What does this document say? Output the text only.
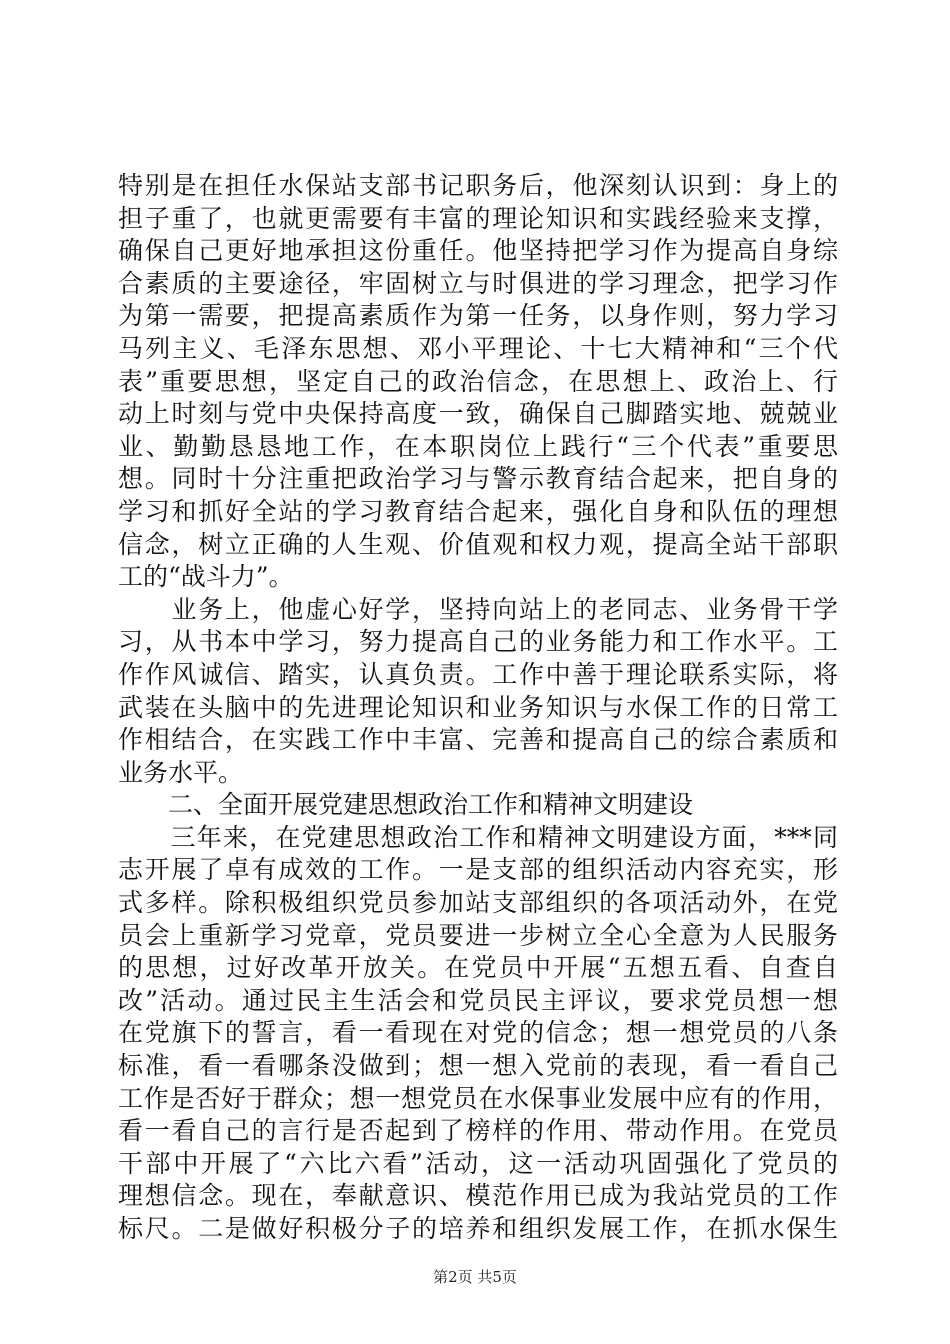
特别是在担任水保站支部书记职务后，他深刻认识到：身上的
担子重了，也就更需要有丰富的理论知识和实践经验来支撑，
确保自己更好地承担这份重任。他坚持把学习作为提高自身综
合素质的主要途径，牢固树立与时俱进的学习理念，把学习作
为第一需要，把提高素质作为第一任务，以身作则，努力学习
马列主义、毛泽东思想、邓小平理论、十七大精神和“三个代
表”重要思想，坚定自己的政治信念，在思想上、政治上、行
动上时刻与党中央保持高度一致，确保自己脚踏实地、兢兢业
业、勤勤恳恳地工作，在本职岗位上践行“三个代表”重要思
想。同时十分注重把政治学习与警示教育结合起来，把自身的
学习和抓好全站的学习教育结合起来，强化自身和队伍的理想
信念，树立正确的人生观、价值观和权力观，提高全站干部职
工的“战斗力”。
　　业务上，他虚心好学，坚持向站上的老同志、业务骨干学
习，从书本中学习，努力提高自己的业务能力和工作水平。工
作作风诚信、踏实，认真负责。工作中善于理论联系实际，将
武装在头脑中的先进理论知识和业务知识与水保工作的日常工
作相结合，在实践工作中丰富、完善和提高自己的综合素质和
业务水平。
　　二、全面开展党建思想政治工作和精神文明建设
　　三年来，在党建思想政治工作和精神文明建设方面，***同
志开展了卓有成效的工作。一是支部的组织活动内容充实，形
式多样。除积极组织党员参加站支部组织的各项活动外，在党
员会上重新学习党章，党员要进一步树立全心全意为人民服务
的思想，过好改革开放关。在党员中开展“五想五看、自查自
改”活动。通过民主生活会和党员民主评议，要求党员想一想
在党旗下的誓言，看一看现在对党的信念；想一想党员的八条
标准，看一看哪条没做到；想一想入党前的表现，看一看自己
工作是否好于群众；想一想党员在水保事业发展中应有的作用，
看一看自己的言行是否起到了榜样的作用、带动作用。在党员
干部中开展了“六比六看”活动，这一活动巩固强化了党员的
理想信念。现在，奉献意识、模范作用已成为我站党员的工作
标尺。二是做好积极分子的培养和组织发展工作，在抓水保生
第2页 共5页
